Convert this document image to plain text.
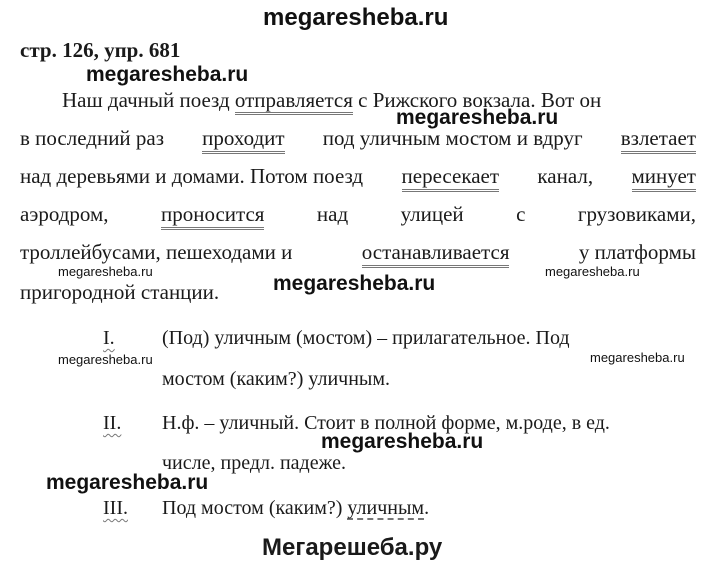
megaresheba.ru
стр. 126, упр. 681
megaresheba.ru
megaresheba.ru
megaresheba.ru
megaresheba.ru
megaresheba.ru
megaresheba.ru	megaresheba.ru
megaresheba.ru
megaresheba.ru
Наш дачный поезд отправляется с Рижского вокзала. Вот он
в последний раз проходит под уличным мостом и вдруг взлетает
над деревьями и домами. Потом поезд пересекает канал, минует
аэродром, проносится над улицей с грузовиками,
троллейбусами, пешеходами и	останавливается	у платформы
пригородной станции.
I. (Под) уличным (мостом) – прилагательное. Под
мостом (каким?) уличным.
II. Н.ф. – уличный. Стоит в полной форме, м.роде, в ед.
числе, предл. падеже.
III. Под мостом (каким?) уличным.
Мегарешеба.ру
